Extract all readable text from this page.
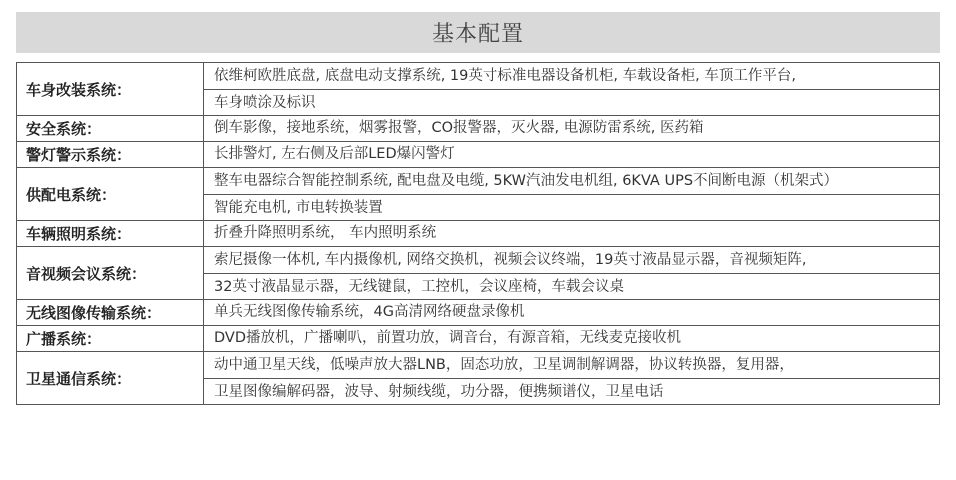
基本配置
车身改装系统：	依维柯欧胜底盘, 底盘电动支撑系统, 19英寸标准电器设备机柜, 车载设备柜, 车顶工作平台,
车身喷涂及标识

安全系统：	倒车影像，接地系统，烟雾报警，CO报警器，灭火器, 电源防雷系统, 医药箱

警灯警示系统：	长排警灯, 左右侧及后部LED爆闪警灯

供配电系统：	整车电器综合智能控制系统, 配电盘及电缆, 5KW汽油发电机组, 6KVA UPS不间断电源（机架式）
智能充电机, 市电转换装置

车辆照明系统：	折叠升降照明系统， 车内照明系统

音视频会议系统：	索尼摄像一体机, 车内摄像机, 网络交换机，视频会议终端，19英寸液晶显示器，音视频矩阵,
32英寸液晶显示器，无线键鼠，工控机，会议座椅，车载会议桌

无线图像传输系统：	单兵无线图像传输系统，4G高清网络硬盘录像机

广播系统：	DVD播放机，广播喇叭，前置功放，调音台，有源音箱，无线麦克接收机

卫星通信系统：	动中通卫星天线，低噪声放大器LNB，固态功放，卫星调制解调器，协议转换器，复用器，
卫星图像编解码器，波导、射频线缆，功分器，便携频谱仪，卫星电话
